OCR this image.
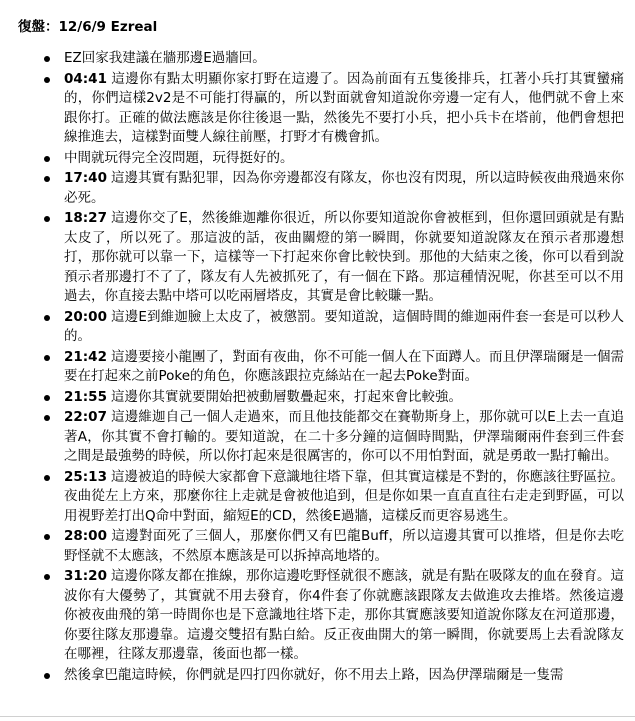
復盤：12/6/9 Ezreal
EZ回家我建議在牆那邊E過牆回。
04:41 這邊你有點太明顯你家打野在這邊了。因為前面有五隻後排兵，扛著小兵打其實蠻痛的，你們這樣2v2是不可能打得贏的，所以對面就會知道說你旁邊一定有人，他們就不會上來跟你打。正確的做法應該是你往後退一點，然後先不要打小兵，把小兵卡在塔前，他們會想把線推進去，這樣對面雙人線往前壓，打野才有機會抓。
中間就玩得完全沒問題，玩得挺好的。
17:40 這邊其實有點犯罪，因為你旁邊都沒有隊友，你也沒有閃現，所以這時候夜曲飛過來你必死。
18:27 這邊你交了E，然後維迦離你很近，所以你要知道說你會被框到，但你還回頭就是有點太皮了，所以死了。那這波的話，夜曲關燈的第一瞬間，你就要知道說隊友在預示者那邊想打，那你就可以靠一下，這樣等一下打起來你會比較快到。那他的大結束之後，你可以看到說預示者那邊打不了了，隊友有人先被抓死了，有一個在下路。那這種情況呢，你甚至可以不用過去，你直接去點中塔可以吃兩層塔皮，其實是會比較賺一點。
20:00 這邊E到維迦臉上太皮了，被懲罰。要知道說，這個時間的維迦兩件套一套是可以秒人的。
21:42 這邊要接小龍團了，對面有夜曲，你不可能一個人在下面蹲人。而且伊澤瑞爾是一個需要在打起來之前Poke的角色，你應該跟拉克絲站在一起去Poke對面。
21:55 這邊你其實就要開始把被動層數疊起來，打起來會比較強。
22:07 這邊維迦自己一個人走過來，而且他技能都交在賽勒斯身上，那你就可以E上去一直追著A，你其實不會打輸的。要知道說，在二十多分鐘的這個時間點，伊澤瑞爾兩件套到三件套之間是最強勢的時候，所以你打起來是很厲害的，你可以不用怕對面，就是勇敢一點打輸出。
25:13 這邊被追的時候大家都會下意識地往塔下靠，但其實這樣是不對的，你應該往野區拉。夜曲從左上方來，那麼你往上走就是會被他追到，但是你如果一直直直往右走走到野區，可以用視野差打出Q命中對面，縮短E的CD，然後E過牆，這樣反而更容易逃生。
28:00 這邊對面死了三個人，那麼你們又有巴龍Buff，所以這邊其實可以推塔，但是你去吃野怪就不太應該，不然原本應該是可以拆掉高地塔的。
31:20 這邊你隊友都在推線，那你這邊吃野怪就很不應該，就是有點在吸隊友的血在發育。這波你有大優勢了，其實就不用去發育，你4件套了你就應該跟隊友去做進攻去推塔。然後這邊你被夜曲飛的第一時間你也是下意識地往塔下走，那你其實應該要知道說你隊友在河道那邊，你要往隊友那邊靠。這邊交雙招有點白給。反正夜曲開大的第一瞬間，你就要馬上去看說隊友在哪裡，往隊友那邊靠，後面也都一樣。
然後拿巴龍這時候，你們就是四打四你就好，你不用去上路，因為伊澤瑞爾是一隻需
